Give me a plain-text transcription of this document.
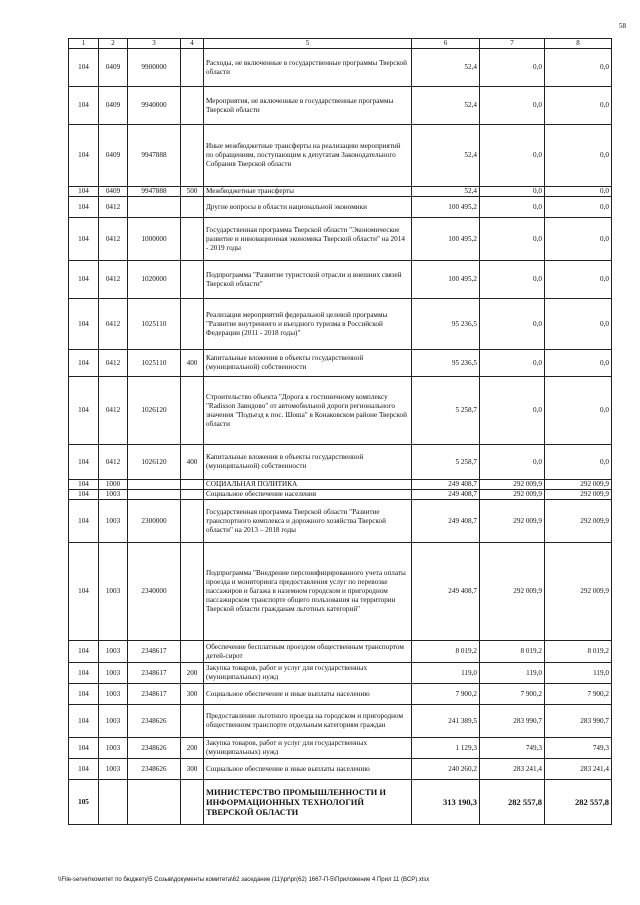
58
1	2	3	4	5	6	7	8
104	0409	9900000		Расходы, не включенные в государственные программы Тверской области	52,4	0,0	0,0
104	0409	9940000		Мероприятия, не включенные в государственные программы Тверской области	52,4	0,0	0,0
104	0409	9947888		Иные межбюджетные трансферты на реализацию мероприятий по обращениям, поступающим к депутатам Законодательного Собрания Тверской области	52,4	0,0	0,0
104	0409	9947888	500	Межбюджетные трансферты	52,4	0,0	0,0
104	0412			Другие вопросы в области национальной экономики	100 495,2	0,0	0,0
104	0412	1000000		Государственная программа Тверской области "Экономическое развитие и инновационная экономика Тверской области" на 2014 - 2019 годы	100 495,2	0,0	0,0
104	0412	1020000		Подпрограмма "Развитие туристской отрасли и внешних связей Тверской области"	100 495,2	0,0	0,0
104	0412	1025110		Реализация мероприятий федеральной целевой программы "Развитие внутреннего и въездного туризма в Российской Федерации (2011 - 2018 годы)"	95 236,5	0,0	0,0
104	0412	1025110	400	Капитальные вложения в объекты государственной (муниципальной) собственности	95 236,5	0,0	0,0
104	0412	1026120		Строительство объекта "Дорога к гостиничному комплексу "Radisson Завидово" от автомобильной дороги регионального значения "Подъезд к пос. Шоша" в Конаковском районе Тверской области	5 258,7	0,0	0,0
104	0412	1026120	400	Капитальные вложения в объекты государственной (муниципальной) собственности	5 258,7	0,0	0,0
104	1000			СОЦИАЛЬНАЯ ПОЛИТИКА	249 408,7	292 009,9	292 009,9
104	1003			Социальное обеспечение населения	249 408,7	292 009,9	292 009,9
104	1003	2300000		Государственная программа Тверской области "Развитие транспортного комплекса и дорожного хозяйства Тверской области" на 2013 – 2018 годы	249 408,7	292 009,9	292 009,9
104	1003	2340000		Подпрограмма "Внедрение персонифицированного учета оплаты проезда и мониторинга предоставления услуг по перевозке пассажиров и багажа в наземном городском и пригородном пассажирском транспорте общего пользования на территории Тверской области гражданам льготных категорий"	249 408,7	292 009,9	292 009,9
104	1003	2348617		Обеспечение бесплатным проездом общественным транспортом детей-сирот	8 019,2	8 019,2	8 019,2
104	1003	2348617	200	Закупка товаров, работ и услуг для государственных (муниципальных) нужд	119,0	119,0	119,0
104	1003	2348617	300	Социальное обеспечение и иные выплаты населению	7 900,2	7 900,2	7 900,2
104	1003	2348626		Предоставление льготного проезда на городском и пригородном общественном транспорте отдельным категориям граждан	241 389,5	283 990,7	283 990,7
104	1003	2348626	200	Закупка товаров, работ и услуг для государственных (муниципальных) нужд	1 129,3	749,3	749,3
104	1003	2348626	300	Социальное обеспечение и иные выплаты населению	240 260,2	283 241,4	283 241,4
105				МИНИСТЕРСТВО ПРОМЫШЛЕННОСТИ И ИНФОРМАЦИОННЫХ ТЕХНОЛОГИЙ ТВЕРСКОЙ ОБЛАСТИ	313 190,3	282 557,8	282 557,8
\\File-server\комитет по бюджету\5 Созыв\документы комитета\62 заседание (11)\pr\pr(62) 1667-П-5\Приложение 4 Прил 11 (ВСР).xlsx
